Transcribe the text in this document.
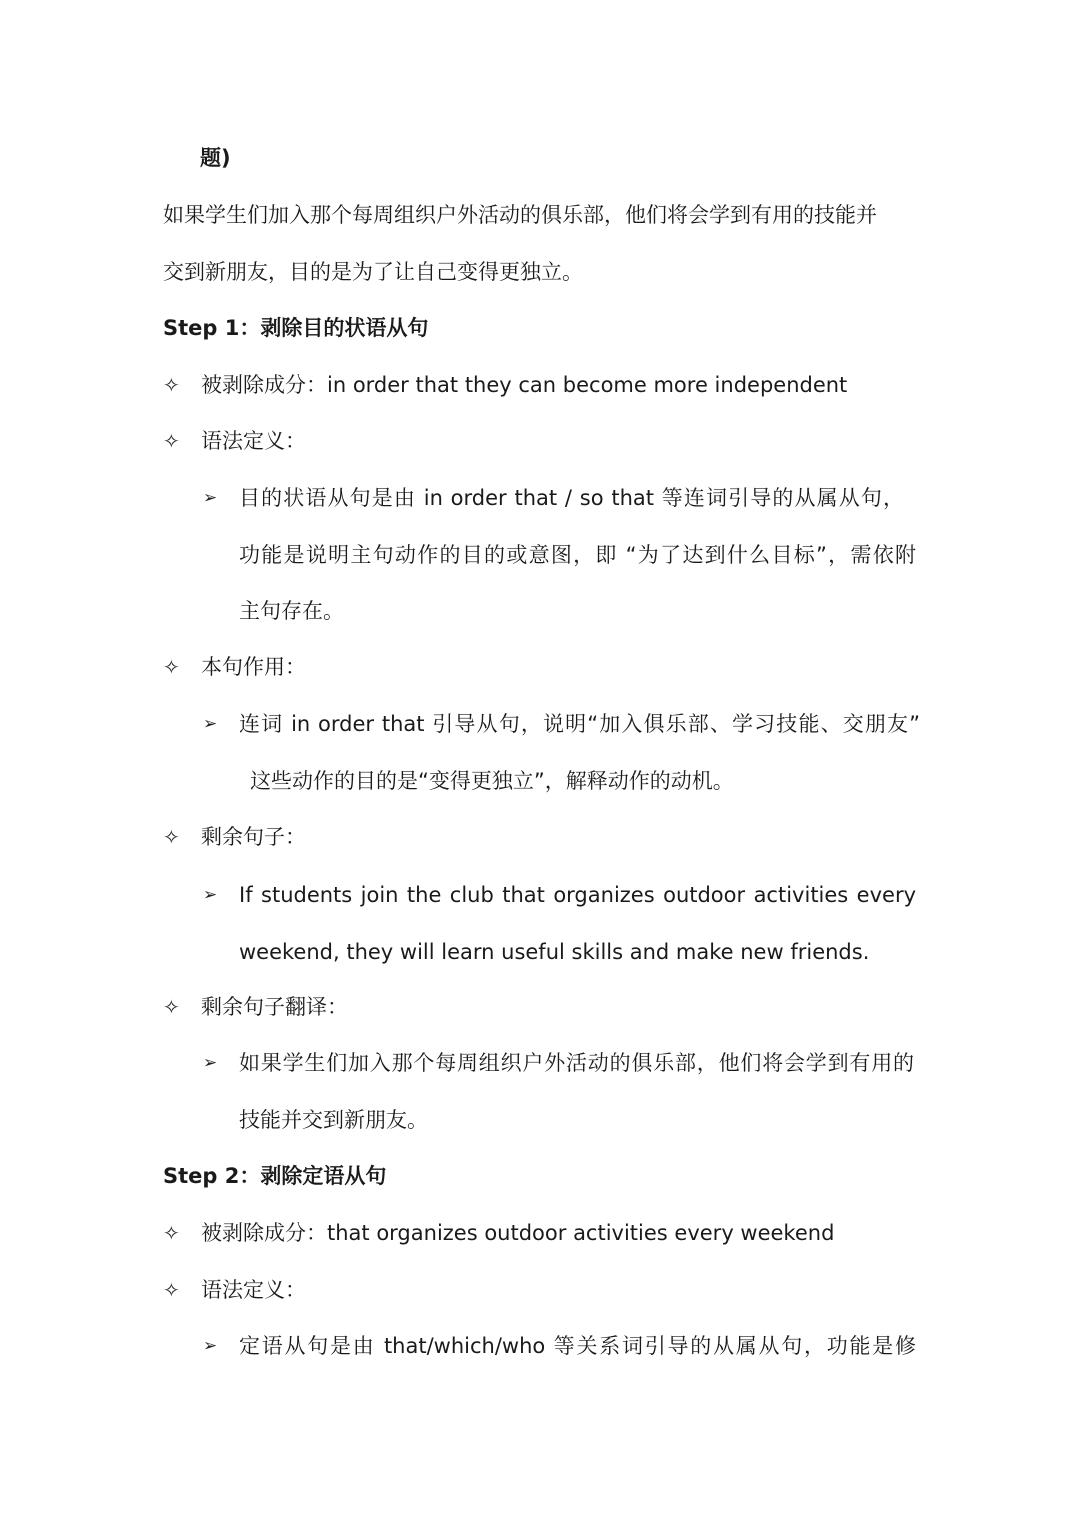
题)
如果学生们加入那个每周组织户外活动的俱乐部，他们将会学到有用的技能并
交到新朋友，目的是为了让自己变得更独立。
Step 1：剥除目的状语从句
✧ 被剥除成分：in order that they can become more independent
✧ 语法定义：
➢ 目的状语从句是由 in order that / so that 等连词引导的从属从句，
功能是说明主句动作的目的或意图，即 “为了达到什么目标”，需依附
主句存在。
✧ 本句作用：
➢ 连词 in order that 引导从句，说明“加入俱乐部、学习技能、交朋友”
这些动作的目的是“变得更独立”，解释动作的动机。
✧ 剩余句子：
➢ If students join the club that organizes outdoor activities every
weekend, they will learn useful skills and make new friends.
✧ 剩余句子翻译：
➢ 如果学生们加入那个每周组织户外活动的俱乐部，他们将会学到有用的
技能并交到新朋友。
Step 2：剥除定语从句
✧ 被剥除成分：that organizes outdoor activities every weekend
✧ 语法定义：
➢ 定语从句是由 that/which/who 等关系词引导的从属从句，功能是修
